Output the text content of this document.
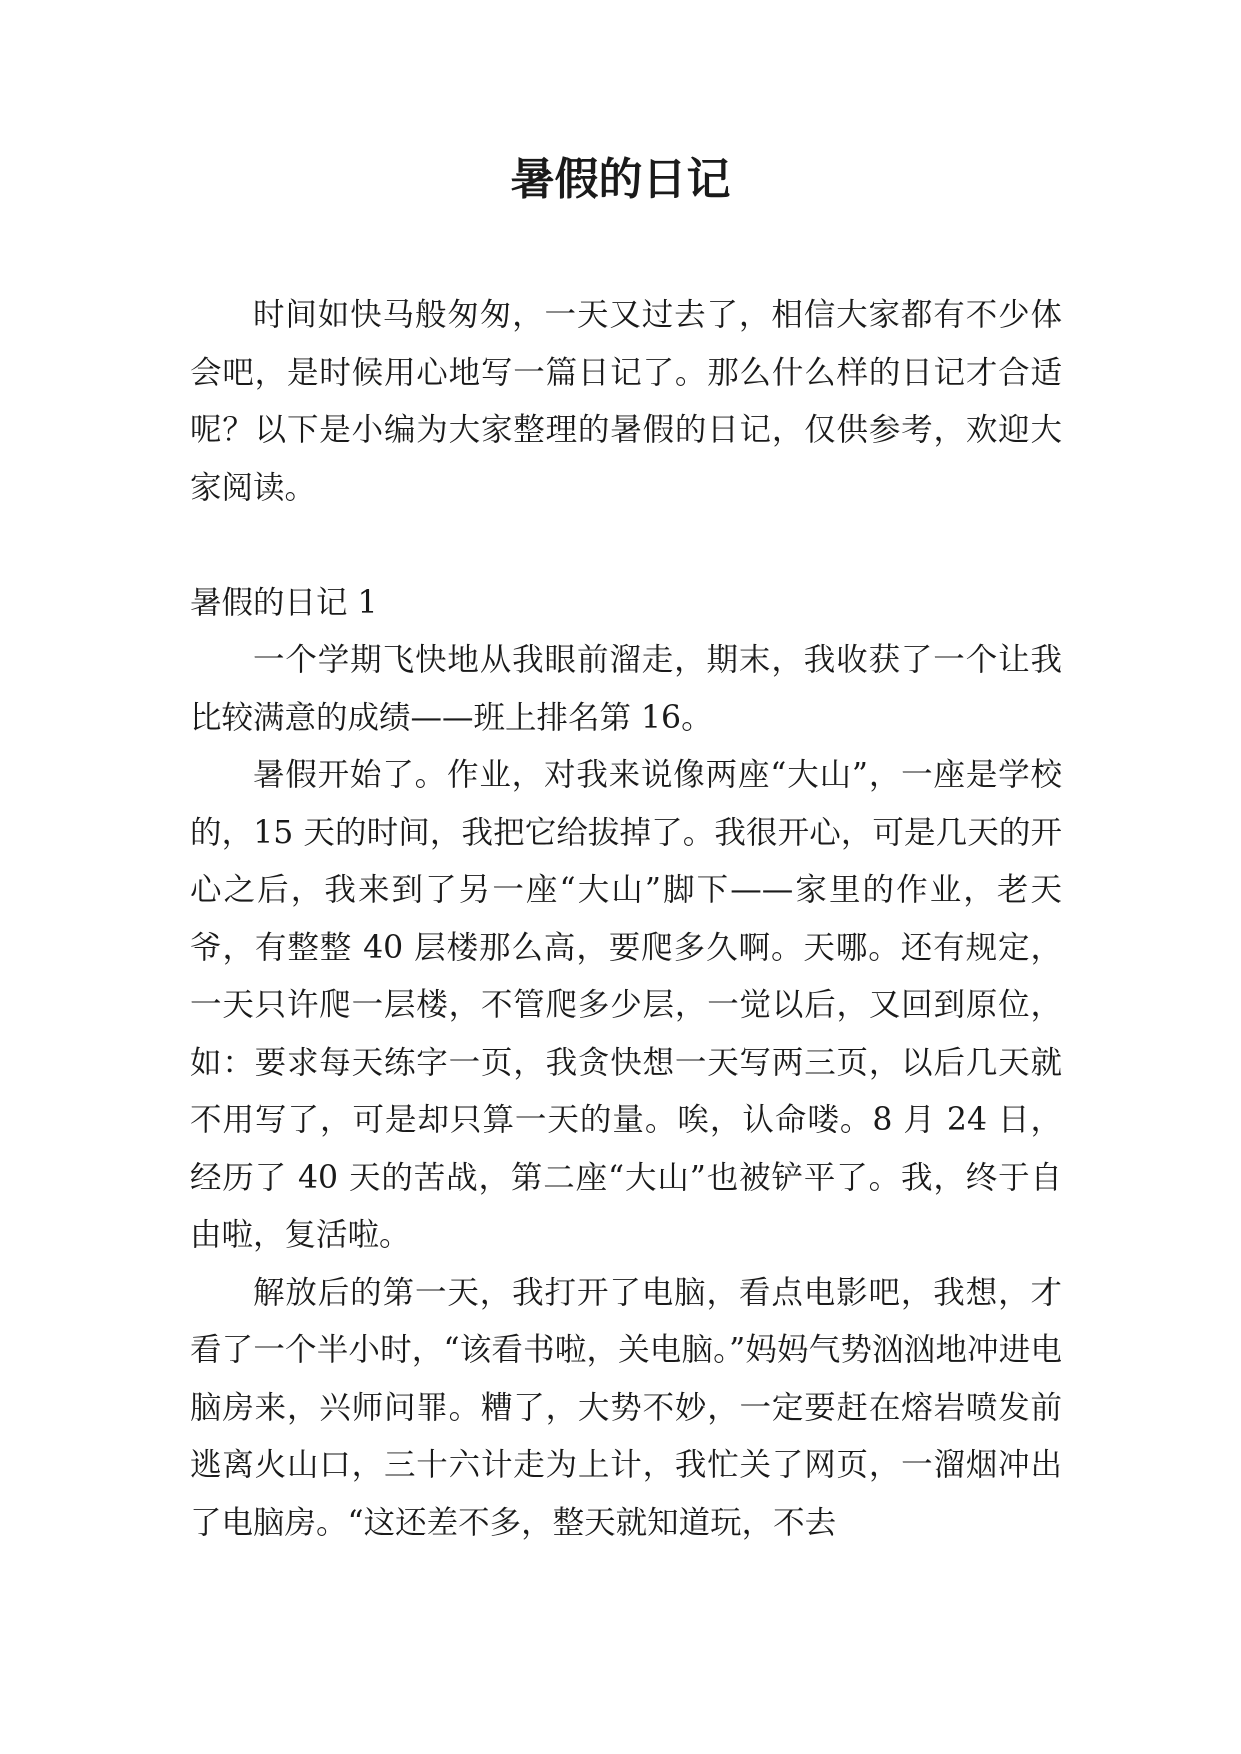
暑假的日记

时间如快马般匆匆，一天又过去了，相信大家都有不少体会吧，是时候用心地写一篇日记了。那么什么样的日记才合适呢？以下是小编为大家整理的暑假的日记，仅供参考，欢迎大家阅读。

暑假的日记 1

一个学期飞快地从我眼前溜走，期末，我收获了一个让我比较满意的成绩——班上排名第 16。

暑假开始了。作业，对我来说像两座“大山”，一座是学校的，15 天的时间，我把它给拔掉了。我很开心，可是几天的开心之后，我来到了另一座“大山”脚下——家里的作业，老天爷，有整整 40 层楼那么高，要爬多久啊。天哪。还有规定，一天只许爬一层楼，不管爬多少层，一觉以后，又回到原位，如：要求每天练字一页，我贪快想一天写两三页，以后几天就不用写了，可是却只算一天的量。唉，认命喽。8 月 24 日，经历了 40 天的苦战，第二座“大山”也被铲平了。我，终于自由啦，复活啦。

解放后的第一天，我打开了电脑，看点电影吧，我想，才看了一个半小时，“该看书啦，关电脑。”妈妈气势汹汹地冲进电脑房来，兴师问罪。糟了，大势不妙，一定要赶在熔岩喷发前逃离火山口，三十六计走为上计，我忙关了网页，一溜烟冲出了电脑房。“这还差不多，整天就知道玩，不去
